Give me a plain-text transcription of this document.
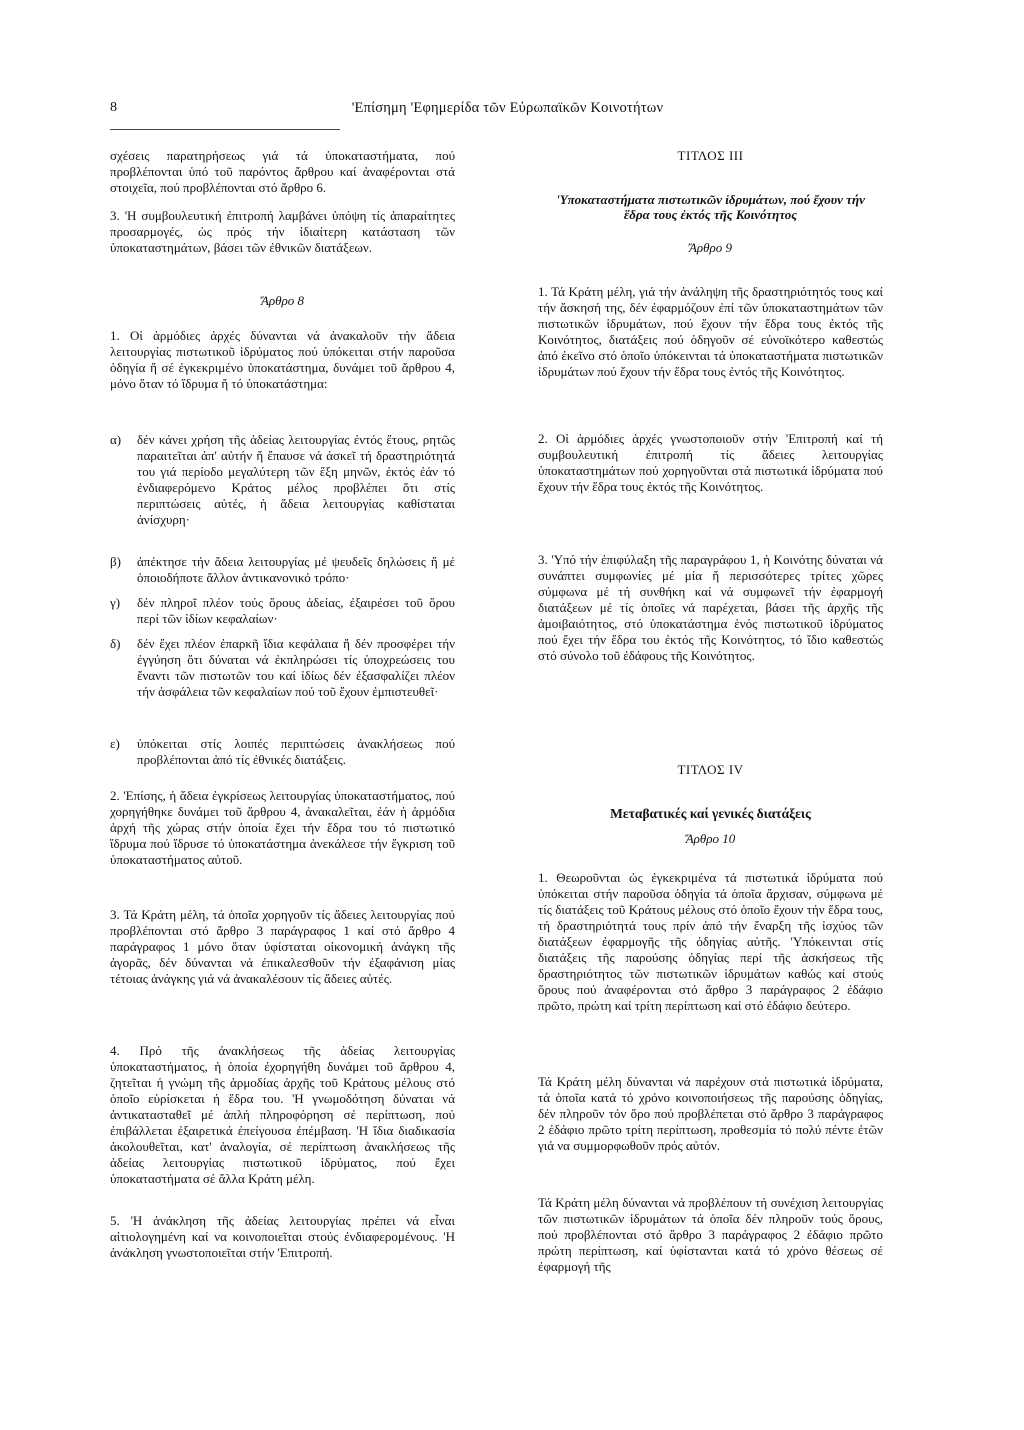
8	'Επίσημη 'Εφημερίδα τῶν Εὐρωπαϊκῶν Κοινοτήτων

σχέσεις παρατηρήσεως γιά τά ὑποκαταστήματα, πού προβλέπονται ὑπό τοῦ παρόντος ἄρθρου καί ἀναφέρονται στά στοιχεῖα, πού προβλέπονται στό ἄρθρο 6.

3. 'Η συμβουλευτική ἐπιτροπή λαμβάνει ὑπόψη τίς ἀπαραίτητες προσαρμογές, ὡς πρός τήν ἰδιαίτερη κατάσταση τῶν ὑποκαταστημάτων, βάσει τῶν ἐθνικῶν διατάξεων.

Ἄρθρο 8

1. Οἱ ἁρμόδιες ἀρχές δύνανται νά ἀνακαλοῦν τήν ἄδεια λειτουργίας πιστωτικοῦ ἱδρύματος πού ὑπόκειται στήν παροῦσα ὁδηγία ἤ σέ ἐγκεκριμένο ὑποκατάστημα, δυνάμει τοῦ ἄρθρου 4, μόνο ὅταν τό ἵδρυμα ἤ τό ὑποκατάστημα:

α)	δέν κάνει χρήση τῆς ἀδείας λειτουργίας ἐντός ἔτους, ρητῶς παραιτεῖται ἀπ' αὐτήν ἤ ἔπαυσε νά ἀσκεῖ τή δραστηριότητά του γιά περίοδο μεγαλύτερη τῶν ἕξη μηνῶν, ἐκτός ἐάν τό ἐνδιαφερόμενο Κράτος μέλος προβλέπει ὅτι στίς περιπτώσεις αὐτές, ἡ ἄδεια λειτουργίας καθίσταται ἀνίσχυρη·
β)	ἀπέκτησε τήν ἄδεια λειτουργίας μέ ψευδεῖς δηλώσεις ἤ μέ ὁποιοδήποτε ἄλλον ἀντικανονικό τρόπο·
γ)	δέν πληροῖ πλέον τούς ὅρους ἀδείας, ἐξαιρέσει τοῦ ὅρου περί τῶν ἰδίων κεφαλαίων·
δ)	δέν ἔχει πλέον ἐπαρκῆ ἴδια κεφάλαια ἤ δέν προσφέρει τήν ἐγγύηση ὅτι δύναται νά ἐκπληρώσει τίς ὑποχρεώσεις του ἔναντι τῶν πιστωτῶν του καί ἰδίως δέν ἐξασφαλίζει πλέον τήν ἀσφάλεια τῶν κεφαλαίων πού τοῦ ἔχουν ἐμπιστευθεῖ·
ε)	ὑπόκειται στίς λοιπές περιπτώσεις ἀνακλήσεως πού προβλέπονται ἀπό τίς ἐθνικές διατάξεις.

2. 'Επίσης, ἡ ἄδεια ἐγκρίσεως λειτουργίας ὑποκαταστήματος, πού χορηγήθηκε δυνάμει τοῦ ἄρθρου 4, ἀνακαλεῖται, ἐάν ἡ ἁρμόδια ἀρχή τῆς χώρας στήν ὁποία ἔχει τήν ἕδρα του τό πιστωτικό ἵδρυμα πού ἵδρυσε τό ὑποκατάστημα ἀνεκάλεσε τήν ἔγκριση τοῦ ὑποκαταστήματος αὐτοῦ.

3. Τά Κράτη μέλη, τά ὁποῖα χορηγοῦν τίς ἄδειες λειτουργίας πού προβλέπονται στό ἄρθρο 3 παράγραφος 1 καί στό ἄρθρο 4 παράγραφος 1 μόνο ὅταν ὑφίσταται οἰκονομική ἀνάγκη τῆς ἀγορᾶς, δέν δύνανται νά ἐπικαλεσθοῦν τήν ἐξαφάνιση μίας τέτοιας ἀνάγκης γιά νά ἀνακαλέσουν τίς ἄδειες αὐτές.

4. Πρό τῆς ἀνακλήσεως τῆς ἀδείας λειτουργίας ὑποκαταστήματος, ἡ ὁποία ἐχορηγήθη δυνάμει τοῦ ἄρθρου 4, ζητεῖται ἡ γνώμη τῆς ἁρμοδίας ἀρχῆς τοῦ Κράτους μέλους στό ὁποῖο εὑρίσκεται ἡ ἕδρα του. 'Η γνωμοδότηση δύναται νά ἀντικατασταθεῖ μέ ἁπλή πληροφόρηση σέ περίπτωση, πού ἐπιβάλλεται ἐξαιρετικά ἐπείγουσα ἐπέμβαση. 'Η ἴδια διαδικασία ἀκολουθεῖται, κατ' ἀναλογία, σέ περίπτωση ἀνακλήσεως τῆς ἀδείας λειτουργίας πιστωτικοῦ ἱδρύματος, πού ἔχει ὑποκαταστήματα σέ ἄλλα Κράτη μέλη.

5. 'Η ἀνάκληση τῆς ἀδείας λειτουργίας πρέπει νά εἶναι αἰτιολογημένη καί να κοινοποιεῖται στούς ἐνδιαφερομένους. 'Η ἀνάκληση γνωστοποιεῖται στήν 'Επιτροπή.

ΤΙΤΛΟΣ ΙΙΙ
'Υποκαταστήματα πιστωτικῶν ἱδρυμάτων, πού ἔχουν τήν ἕδρα τους ἐκτός τῆς Κοινότητος
Ἄρθρο 9

1. Τά Κράτη μέλη, γιά τήν ἀνάληψη τῆς δραστηριότητός τους καί τήν ἄσκησή της, δέν ἐφαρμόζουν ἐπί τῶν ὑποκαταστημάτων τῶν πιστωτικῶν ἱδρυμάτων, πού ἔχουν τήν ἕδρα τους ἐκτός τῆς Κοινότητος, διατάξεις πού ὁδηγοῦν σέ εὐνοϊκότερο καθεστώς ἀπό ἐκεῖνο στό ὁποῖο ὑπόκεινται τά ὑποκαταστήματα πιστωτικῶν ἱδρυμάτων πού ἔχουν τήν ἕδρα τους ἐντός τῆς Κοινότητος.

2. Οἱ ἁρμόδιες ἀρχές γνωστοποιοῦν στήν 'Επιτροπή καί τή συμβουλευτική ἐπιτροπή τίς ἄδειες λειτουργίας ὑποκαταστημάτων πού χορηγοῦνται στά πιστωτικά ἱδρύματα πού ἔχουν τήν ἕδρα τους ἐκτός τῆς Κοινότητος.

3. 'Υπό τήν ἐπιφύλαξη τῆς παραγράφου 1, ἡ Κοινότης δύναται νά συνάπτει συμφωνίες μέ μία ἤ περισσότερες τρίτες χῶρες σύμφωνα μέ τή συνθήκη καί νά συμφωνεῖ τήν ἐφαρμογή διατάξεων μέ τίς ὁποῖες νά παρέχεται, βάσει τῆς ἀρχῆς τῆς ἀμοιβαιότητος, στό ὑποκατάστημα ἑνός πιστωτικοῦ ἱδρύματος πού ἔχει τήν ἕδρα του ἐκτός τῆς Κοινότητος, τό ἴδιο καθεστώς στό σύνολο τοῦ ἐδάφους τῆς Κοινότητος.

ΤΙΤΛΟΣ IV
Μεταβατικές καί γενικές διατάξεις
Ἄρθρο 10

1. Θεωροῦνται ὡς ἐγκεκριμένα τά πιστωτικά ἱδρύματα πού ὑπόκειται στήν παροῦσα ὁδηγία τά ὁποῖα ἄρχισαν, σύμφωνα μέ τίς διατάξεις τοῦ Κράτους μέλους στό ὁποῖο ἔχουν τήν ἕδρα τους, τή δραστηριότητά τους πρίν ἀπό τήν ἔναρξη τῆς ἰσχύος τῶν διατάξεων ἐφαρμογῆς τῆς ὁδηγίας αὐτῆς. 'Υπόκεινται στίς διατάξεις τῆς παρούσης ὁδηγίας περί τῆς ἀσκήσεως τῆς δραστηριότητος τῶν πιστωτικῶν ἱδρυμάτων καθώς καί στούς ὅρους πού ἀναφέρονται στό ἄρθρο 3 παράγραφος 2 ἐδάφιο πρῶτο, πρώτη καί τρίτη περίπτωση καί στό ἐδάφιο δεύτερο.

Τά Κράτη μέλη δύνανται νά παρέχουν στά πιστωτικά ἱδρύματα, τά ὁποῖα κατά τό χρόνο κοινοποιήσεως τῆς παρούσης ὁδηγίας, δέν πληροῦν τόν ὅρο πού προβλέπεται στό ἄρθρο 3 παράγραφος 2 ἐδάφιο πρῶτο τρίτη περίπτωση, προθεσμία τό πολύ πέντε ἐτῶν γιά να συμμορφωθοῦν πρός αὐτόν.

Τά Κράτη μέλη δύνανται νά προβλέπουν τή συνέχιση λειτουργίας τῶν πιστωτικῶν ἱδρυμάτων τά ὁποῖα δέν πληροῦν τούς ὅρους, πού προβλέπονται στό ἄρθρο 3 παράγραφος 2 ἐδάφιο πρῶτο πρώτη περίπτωση, καί ὑφίστανται κατά τό χρόνο θέσεως σέ ἐφαρμογή τῆς
